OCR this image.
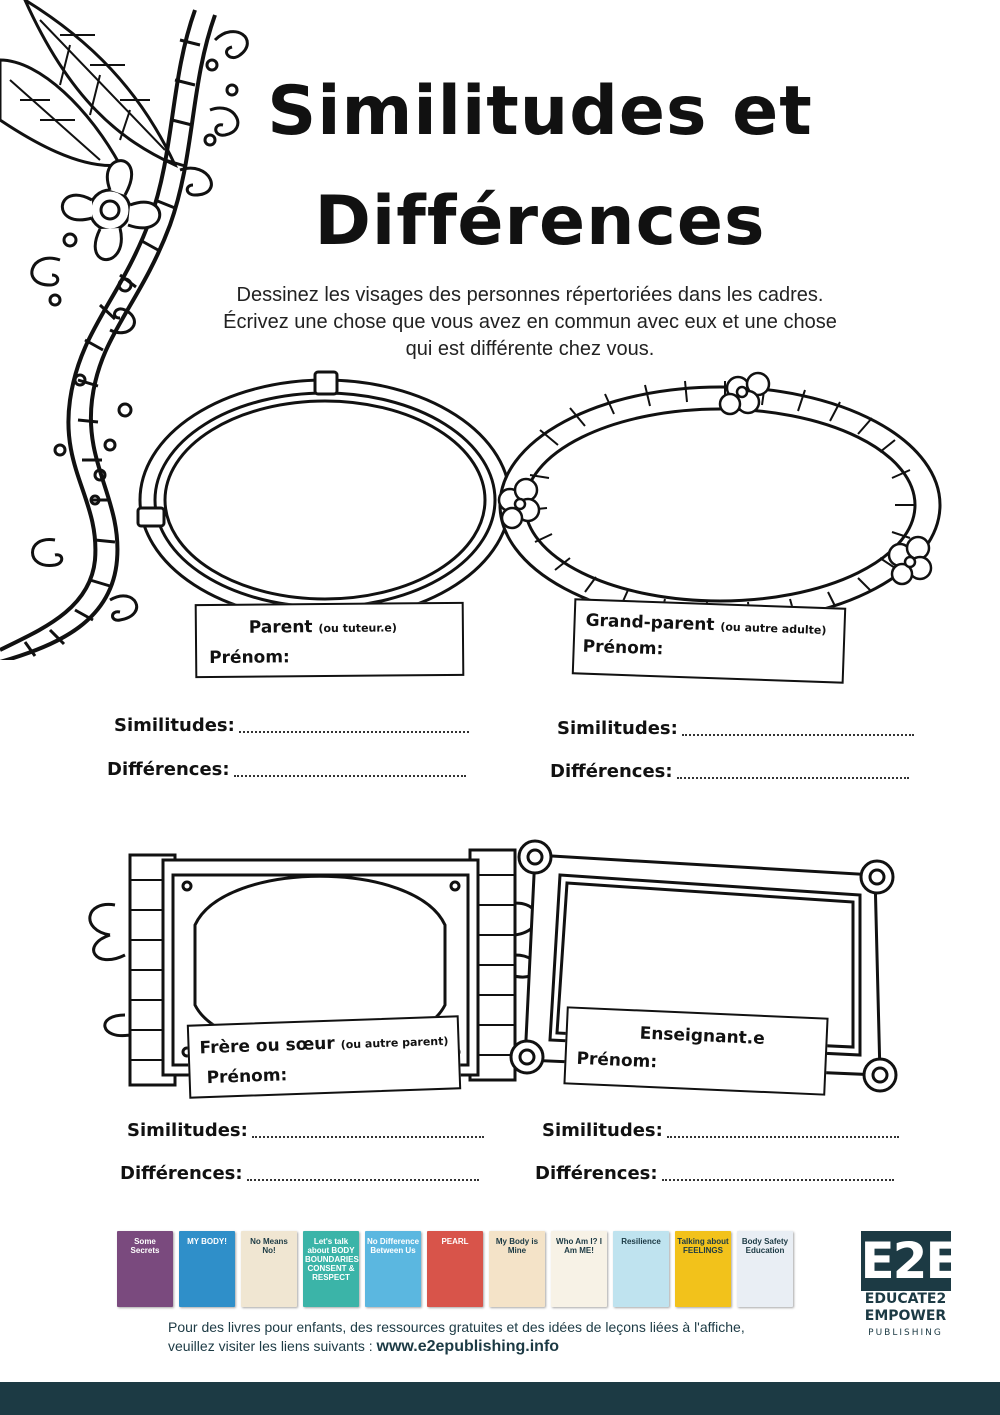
Similitudes et
Différences
Dessinez les visages des personnes répertoriées dans les cadres.
Écrivez une chose que vous avez en commun avec eux et une chose
qui est différente chez vous.
Parent (ou tuteur.e)
Prénom:
Grand-parent (ou autre adulte)
Prénom:
Frère ou sœur (ou autre parent)
Prénom:
Enseignant.e
Prénom:
Similitudes:
Différences:
Similitudes:
Différences:
Similitudes:
Différences:
Similitudes:
Différences:
Some Secrets
MY BODY!	No Means No!
Let's talk about BODY BOUNDARIES CONSENT & RESPECT
No Difference Between Us
PEARL	My Body is Mine
Who Am I? I Am ME!
Resilience	Talking about FEELINGS
Body Safety Education
Pour des livres pour enfants, des ressources gratuites et des idées de leçons liées à l'affiche,
veuillez visiter les liens suivants : www.e2epublishing.info
E2E
EDUCATE2
EMPOWER
PUBLISHING
